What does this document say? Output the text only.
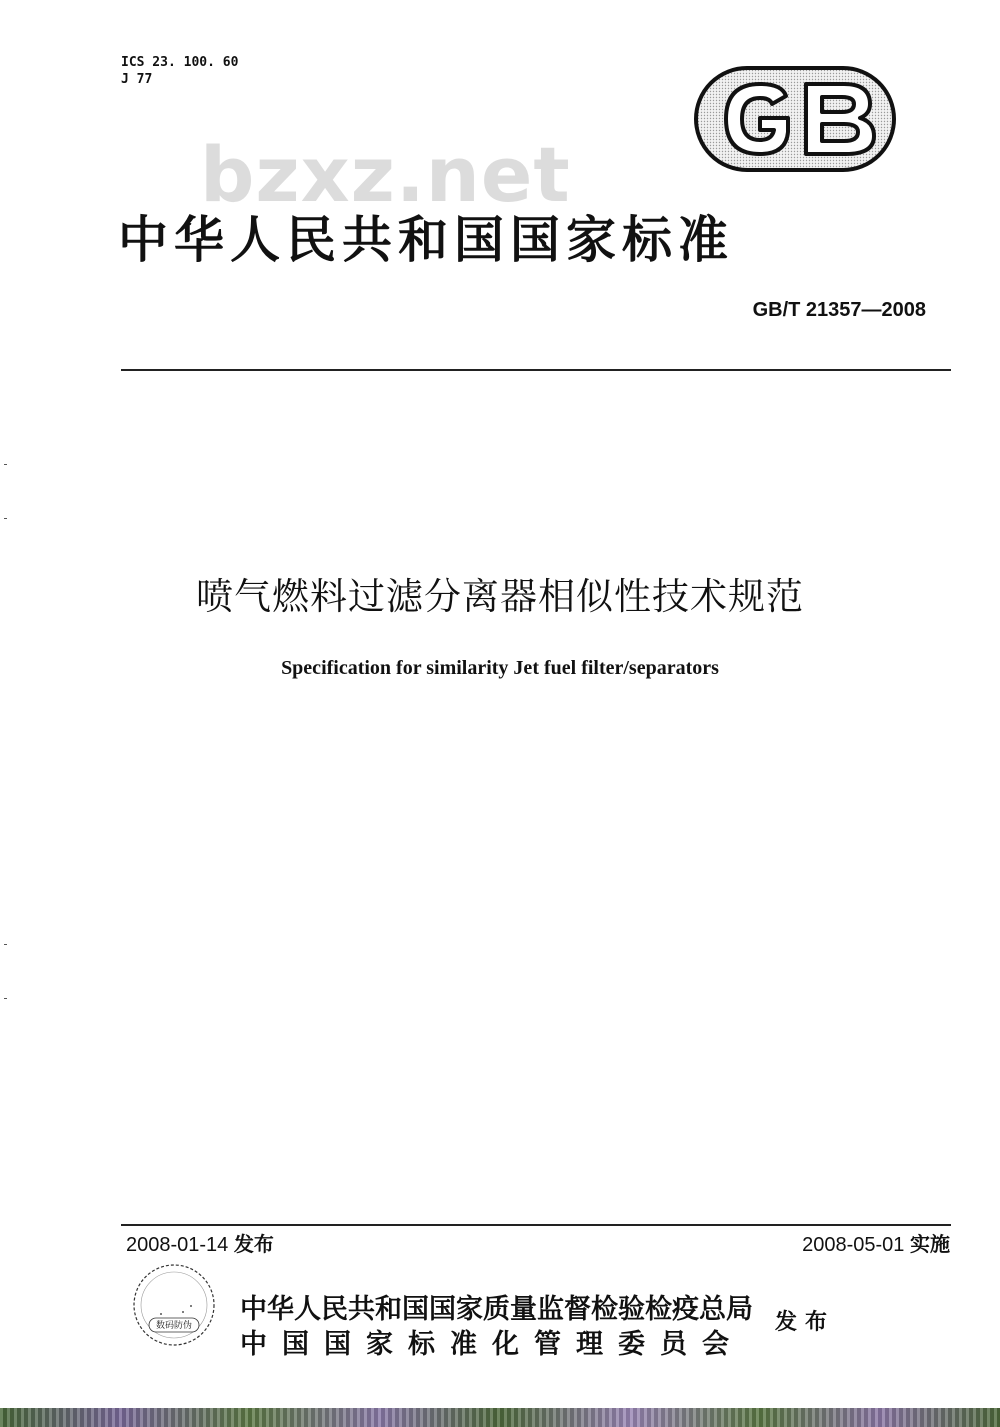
ICS 23. 100. 60
J 77
bzxz.net
中华人民共和国国家标准
GB/T 21357—2008
喷气燃料过滤分离器相似性技术规范
Specification for similarity Jet fuel filter/separators
2008-01-14 发布	2008-05-01 实施
数码防伪
中华人民共和国国家质量监督检验检疫总局
中国国家标准化管理委员会
发布
